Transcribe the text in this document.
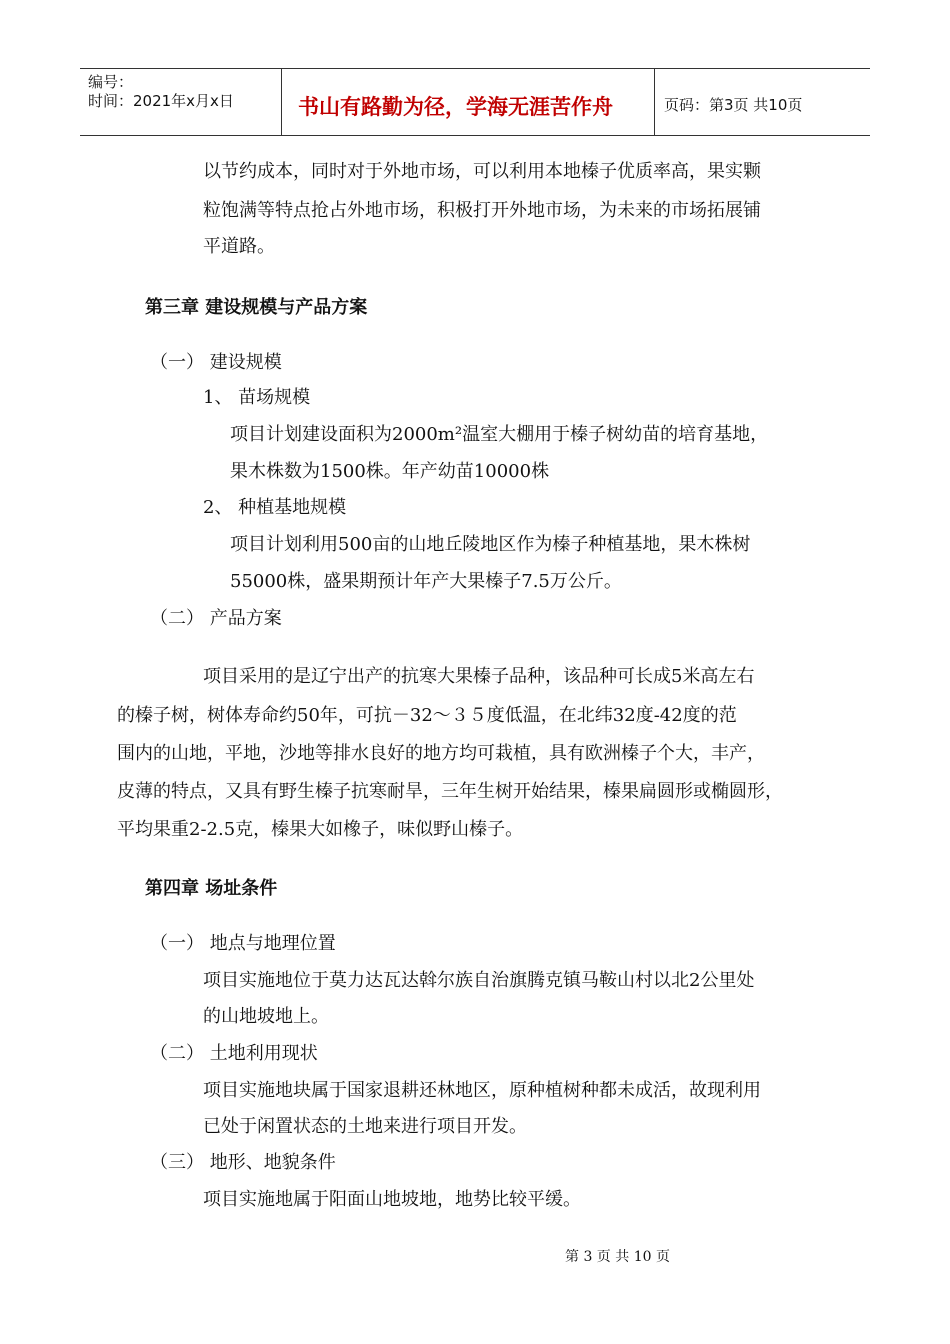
编号：
时间：2021年x月x日	书山有路勤为径，学海无涯苦作舟	页码：第3页 共10页
以节约成本，同时对于外地市场，可以利用本地榛子优质率高，果实颗
粒饱满等特点抢占外地市场，积极打开外地市场，为未来的市场拓展铺
平道路。
第三章 建设规模与产品方案
（一） 建设规模
1、 苗场规模
项目计划建设面积为2000m²温室大棚用于榛子树幼苗的培育基地，
果木株数为1500株。年产幼苗10000株
2、 种植基地规模
项目计划利用500亩的山地丘陵地区作为榛子种植基地，果木株树
55000株，盛果期预计年产大果榛子7.5万公斤。
（二） 产品方案
项目采用的是辽宁出产的抗寒大果榛子品种，该品种可长成5米高左右
的榛子树，树体寿命约50年，可抗－32～３５度低温，在北纬32度-42度的范
围内的山地，平地，沙地等排水良好的地方均可栽植，具有欧洲榛子个大，丰产，
皮薄的特点，又具有野生榛子抗寒耐旱，三年生树开始结果，榛果扁圆形或椭圆形，
平均果重2-2.5克，榛果大如橡子，味似野山榛子。
第四章 场址条件
（一） 地点与地理位置
项目实施地位于莫力达瓦达斡尔族自治旗腾克镇马鞍山村以北2公里处
的山地坡地上。
（二） 土地利用现状
项目实施地块属于国家退耕还林地区，原种植树种都未成活，故现利用
已处于闲置状态的土地来进行项目开发。
（三） 地形、地貌条件
项目实施地属于阳面山地坡地，地势比较平缓。
第 3 页 共 10 页
